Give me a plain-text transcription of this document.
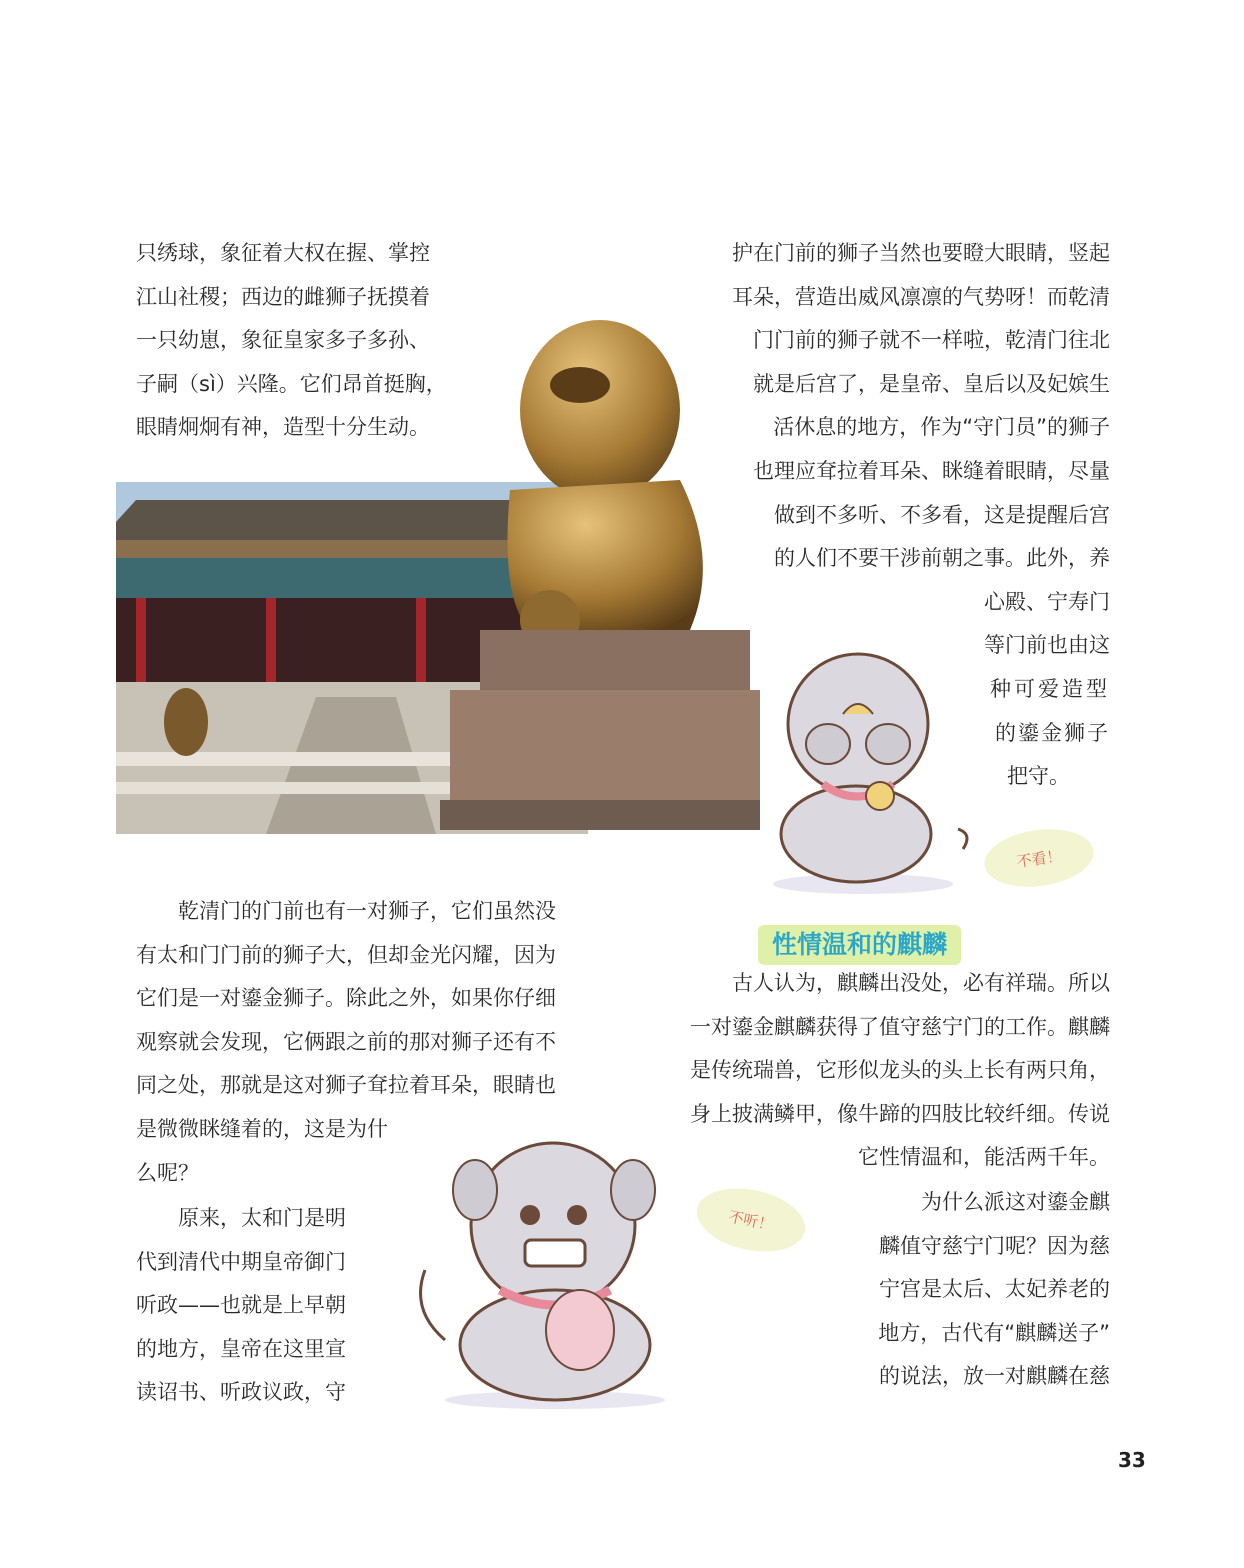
只绣球，象征着大权在握、掌控
江山社稷；西边的雌狮子抚摸着
一只幼崽，象征皇家多子多孙、
子嗣（sì）兴隆。它们昂首挺胸，
眼睛炯炯有神，造型十分生动。
护在门前的狮子当然也要瞪大眼睛，竖起
耳朵，营造出威风凛凛的气势呀！而乾清
门门前的狮子就不一样啦，乾清门往北
就是后宫了，是皇帝、皇后以及妃嫔生
活休息的地方，作为“守门员”的狮子
也理应耷拉着耳朵、眯缝着眼睛，尽量
做到不多听、不多看，这是提醒后宫
的人们不要干涉前朝之事。此外，养
心殿、宁寿门
等门前也由这
种可爱造型
的鎏金狮子
把守。
性情温和的麒麟
　　乾清门的门前也有一对狮子，它们虽然没
有太和门门前的狮子大，但却金光闪耀，因为
它们是一对鎏金狮子。除此之外，如果你仔细
观察就会发现，它俩跟之前的那对狮子还有不
同之处，那就是这对狮子耷拉着耳朵，眼睛也
是微微眯缝着的，这是为什
么呢？
　　原来，太和门是明
代到清代中期皇帝御门
听政——也就是上早朝
的地方，皇帝在这里宣
读诏书、听政议政，守
古人认为，麒麟出没处，必有祥瑞。所以
一对鎏金麒麟获得了值守慈宁门的工作。麒麟
是传统瑞兽，它形似龙头的头上长有两只角，
身上披满鳞甲，像牛蹄的四肢比较纤细。传说
它性情温和，能活两千年。
为什么派这对鎏金麒
麟值守慈宁门呢？因为慈
宁宫是太后、太妃养老的
地方，古代有“麒麟送子”
的说法，放一对麒麟在慈
不看！
不听！
33
